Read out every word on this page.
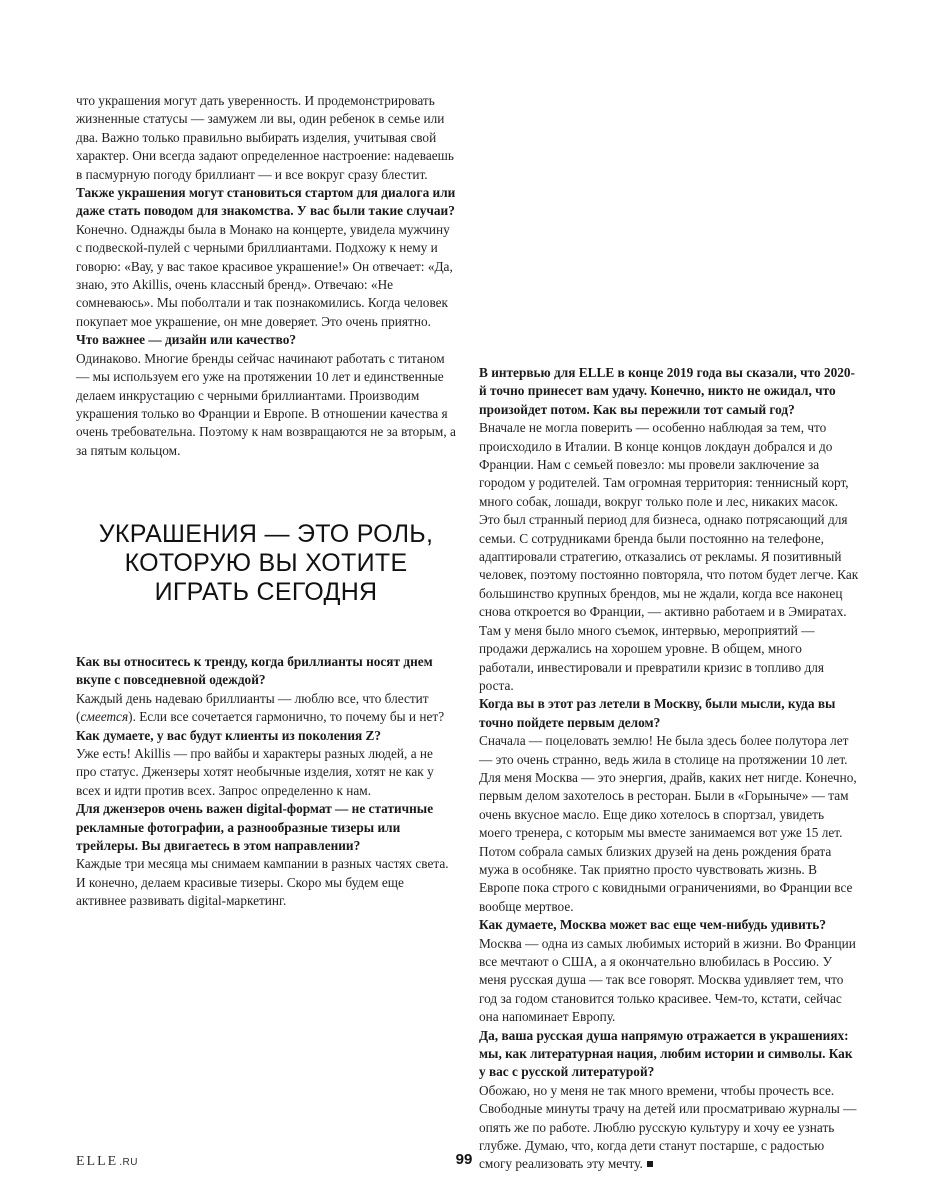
что украшения могут дать уверенность. И продемонстрировать жизненные статусы — замужем ли вы, один ребенок в семье или два. Важно только правильно выбирать изделия, учитывая свой характер. Они всегда задают определенное настроение: надеваешь в пасмурную погоду бриллиант — и все вокруг сразу блестит.

Также украшения могут становиться стартом для диалога или даже стать поводом для знакомства. У вас были такие случаи?

Конечно. Однажды была в Монако на концерте, увидела мужчину с подвеской-пулей с черными бриллиантами. Подхожу к нему и говорю: «Вау, у вас такое красивое украшение!» Он отвечает: «Да, знаю, это Akillis, очень классный бренд». Отвечаю: «Не сомневаюсь». Мы поболтали и так познакомились. Когда человек покупает мое украшение, он мне доверяет. Это очень приятно.

Что важнее — дизайн или качество?

Одинаково. Многие бренды сейчас начинают работать с титаном — мы используем его уже на протяжении 10 лет и единственные делаем инкрустацию с черными бриллиантами. Производим украшения только во Франции и Европе. В отношении качества я очень требовательна. Поэтому к нам возвращаются не за вторым, а за пятым кольцом.

УКРАШЕНИЯ — ЭТО РОЛЬ,
КОТОРУЮ ВЫ ХОТИТЕ
ИГРАТЬ СЕГОДНЯ

Как вы относитесь к тренду, когда бриллианты носят днем вкупе с повседневной одеждой?

Каждый день надеваю бриллианты — люблю все, что блестит (смеется). Если все сочетается гармонично, то почему бы и нет?

Как думаете, у вас будут клиенты из поколения Z?

Уже есть! Akillis — про вайбы и характеры разных людей, а не про статус. Джензеры хотят необычные изделия, хотят не как у всех и идти против всех. Запрос определенно к нам.

Для джензеров очень важен digital-формат — не статичные рекламные фотографии, а разнообразные тизеры или трейлеры. Вы двигаетесь в этом направлении?

Каждые три месяца мы снимаем кампании в разных частях света. И конечно, делаем красивые тизеры. Скоро мы будем еще активнее развивать digital-маркетинг.

В интервью для ELLE в конце 2019 года вы сказали, что 2020-й точно принесет вам удачу. Конечно, никто не ожидал, что произойдет потом. Как вы пережили тот самый год?

Вначале не могла поверить — особенно наблюдая за тем, что происходило в Италии. В конце концов локдаун добрался и до Франции. Нам с семьей повезло: мы провели заключение за городом у родителей. Там огромная территория: теннисный корт, много собак, лошади, вокруг только поле и лес, никаких масок. Это был странный период для бизнеса, однако потрясающий для семьи. С сотрудниками бренда были постоянно на телефоне, адаптировали стратегию, отказались от рекламы. Я позитивный человек, поэтому постоянно повторяла, что потом будет легче. Как большинство крупных брендов, мы не ждали, когда все наконец снова откроется во Франции, — активно работаем и в Эмиратах. Там у меня было много съемок, интервью, мероприятий — продажи держались на хорошем уровне. В общем, много работали, инвестировали и превратили кризис в топливо для роста.

Когда вы в этот раз летели в Москву, были мысли, куда вы точно пойдете первым делом?

Сначала — поцеловать землю! Не была здесь более полутора лет — это очень странно, ведь жила в столице на протяжении 10 лет. Для меня Москва — это энергия, драйв, каких нет нигде. Конечно, первым делом захотелось в ресторан. Были в «Горыныче» — там очень вкусное масло. Еще дико хотелось в спортзал, увидеть моего тренера, с которым мы вместе занимаемся вот уже 15 лет. Потом собрала самых близких друзей на день рождения брата мужа в особняке. Так приятно просто чувствовать жизнь. В Европе пока строго с ковидными ограничениями, во Франции все вообще мертвое.

Как думаете, Москва может вас еще чем-нибудь удивить?

Москва — одна из самых любимых историй в жизни. Во Франции все мечтают о США, а я окончательно влюбилась в Россию. У меня русская душа — так все говорят. Москва удивляет тем, что год за годом становится только красивее. Чем-то, кстати, сейчас она напоминает Европу.

Да, ваша русская душа напрямую отражается в украшениях: мы, как литературная нация, любим истории и символы. Как у вас с русской литературой?

Обожаю, но у меня не так много времени, чтобы прочесть все. Свободные минуты трачу на детей или просматриваю журналы — опять же по работе. Люблю русскую культуру и хочу ее узнать глубже. Думаю, что, когда дети станут постарше, с радостью смогу реализовать эту мечту.

ELLE.RU	99
